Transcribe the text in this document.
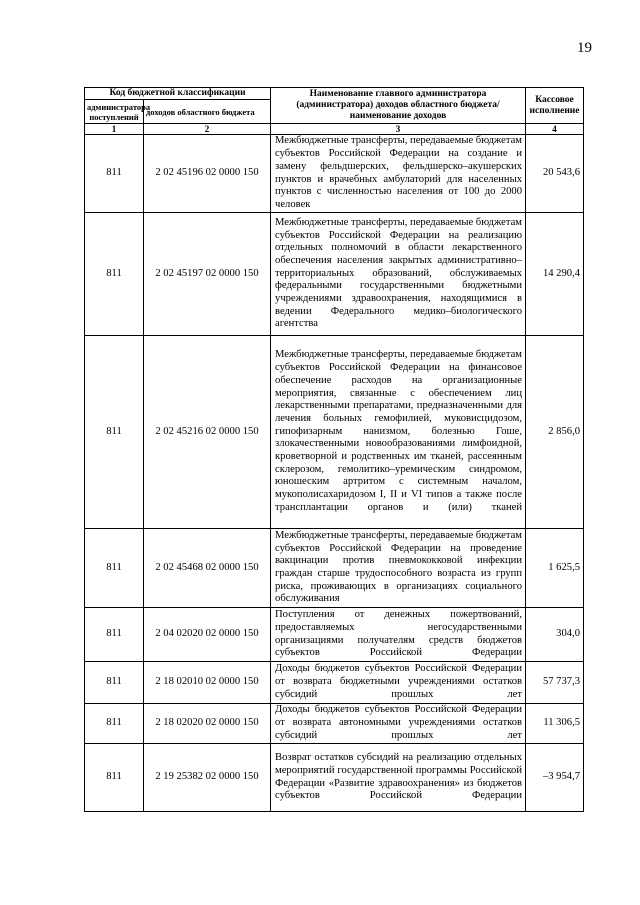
19
Код бюджетной классификации		Наименование главного администратора (администратора) доходов областного бюджета/ наименование доходов	Кассовое исполнение
администратора поступлений	доходов областного бюджета		
1	2	3	4
811	2 02 45196 02 0000 150	Межбюджетные трансферты, передаваемые бюджетам субъектов Российской Федерации на создание и замену фельдшерских, фельдшерско–акушерских пунктов и врачебных амбулаторий для населенных пунктов с численностью населения от 100 до 2000 человек	20 543,6
811	2 02 45197 02 0000 150	Межбюджетные трансферты, передаваемые бюджетам субъектов Российской Федерации на реализацию отдельных полномочий в области лекарственного обеспечения населения закрытых административно–территориальных образований, обслуживаемых федеральными государственными бюджетными учреждениями здравоохранения, находящимися в ведении Федерального медико–биологического агентства	14 290,4
811	2 02 45216 02 0000 150	Межбюджетные трансферты, передаваемые бюджетам субъектов Российской Федерации на финансовое обеспечение расходов на организационные мероприятия, связанные с обеспечением лиц лекарственными препаратами, предназначенными для лечения больных гемофилией, муковисцидозом, гипофизарным нанизмом, болезнью Гоше, злокачественными новообразованиями лимфоидной, кроветворной и родственных им тканей, рассеянным склерозом, гемолитико–уремическим синдромом, юношеским артритом с системным началом, мукополисахаридозом I, II и VI типов а также после трансплантации органов и (или) тканей	2 856,0
811	2 02 45468 02 0000 150	Межбюджетные трансферты, передаваемые бюджетам субъектов Российской Федерации на проведение вакцинации против пневмококковой инфекции граждан старше трудоспособного возраста из групп риска, проживающих в организациях социального обслуживания	1 625,5
811	2 04 02020 02 0000 150	Поступления от денежных пожертвований, предоставляемых негосударственными организациями получателям средств бюджетов субъектов Российской Федерации	304,0
811	2 18 02010 02 0000 150	Доходы бюджетов субъектов Российской Федерации от возврата бюджетными учреждениями остатков субсидий прошлых лет	57 737,3
811	2 18 02020 02 0000 150	Доходы бюджетов субъектов Российской Федерации от возврата автономными учреждениями остатков субсидий прошлых лет	11 306,5
811	2 19 25382 02 0000 150	Возврат остатков субсидий на реализацию отдельных мероприятий государственной программы Российской Федерации «Развитие здравоохранения» из бюджетов субъектов Российской Федерации	–3 954,7
